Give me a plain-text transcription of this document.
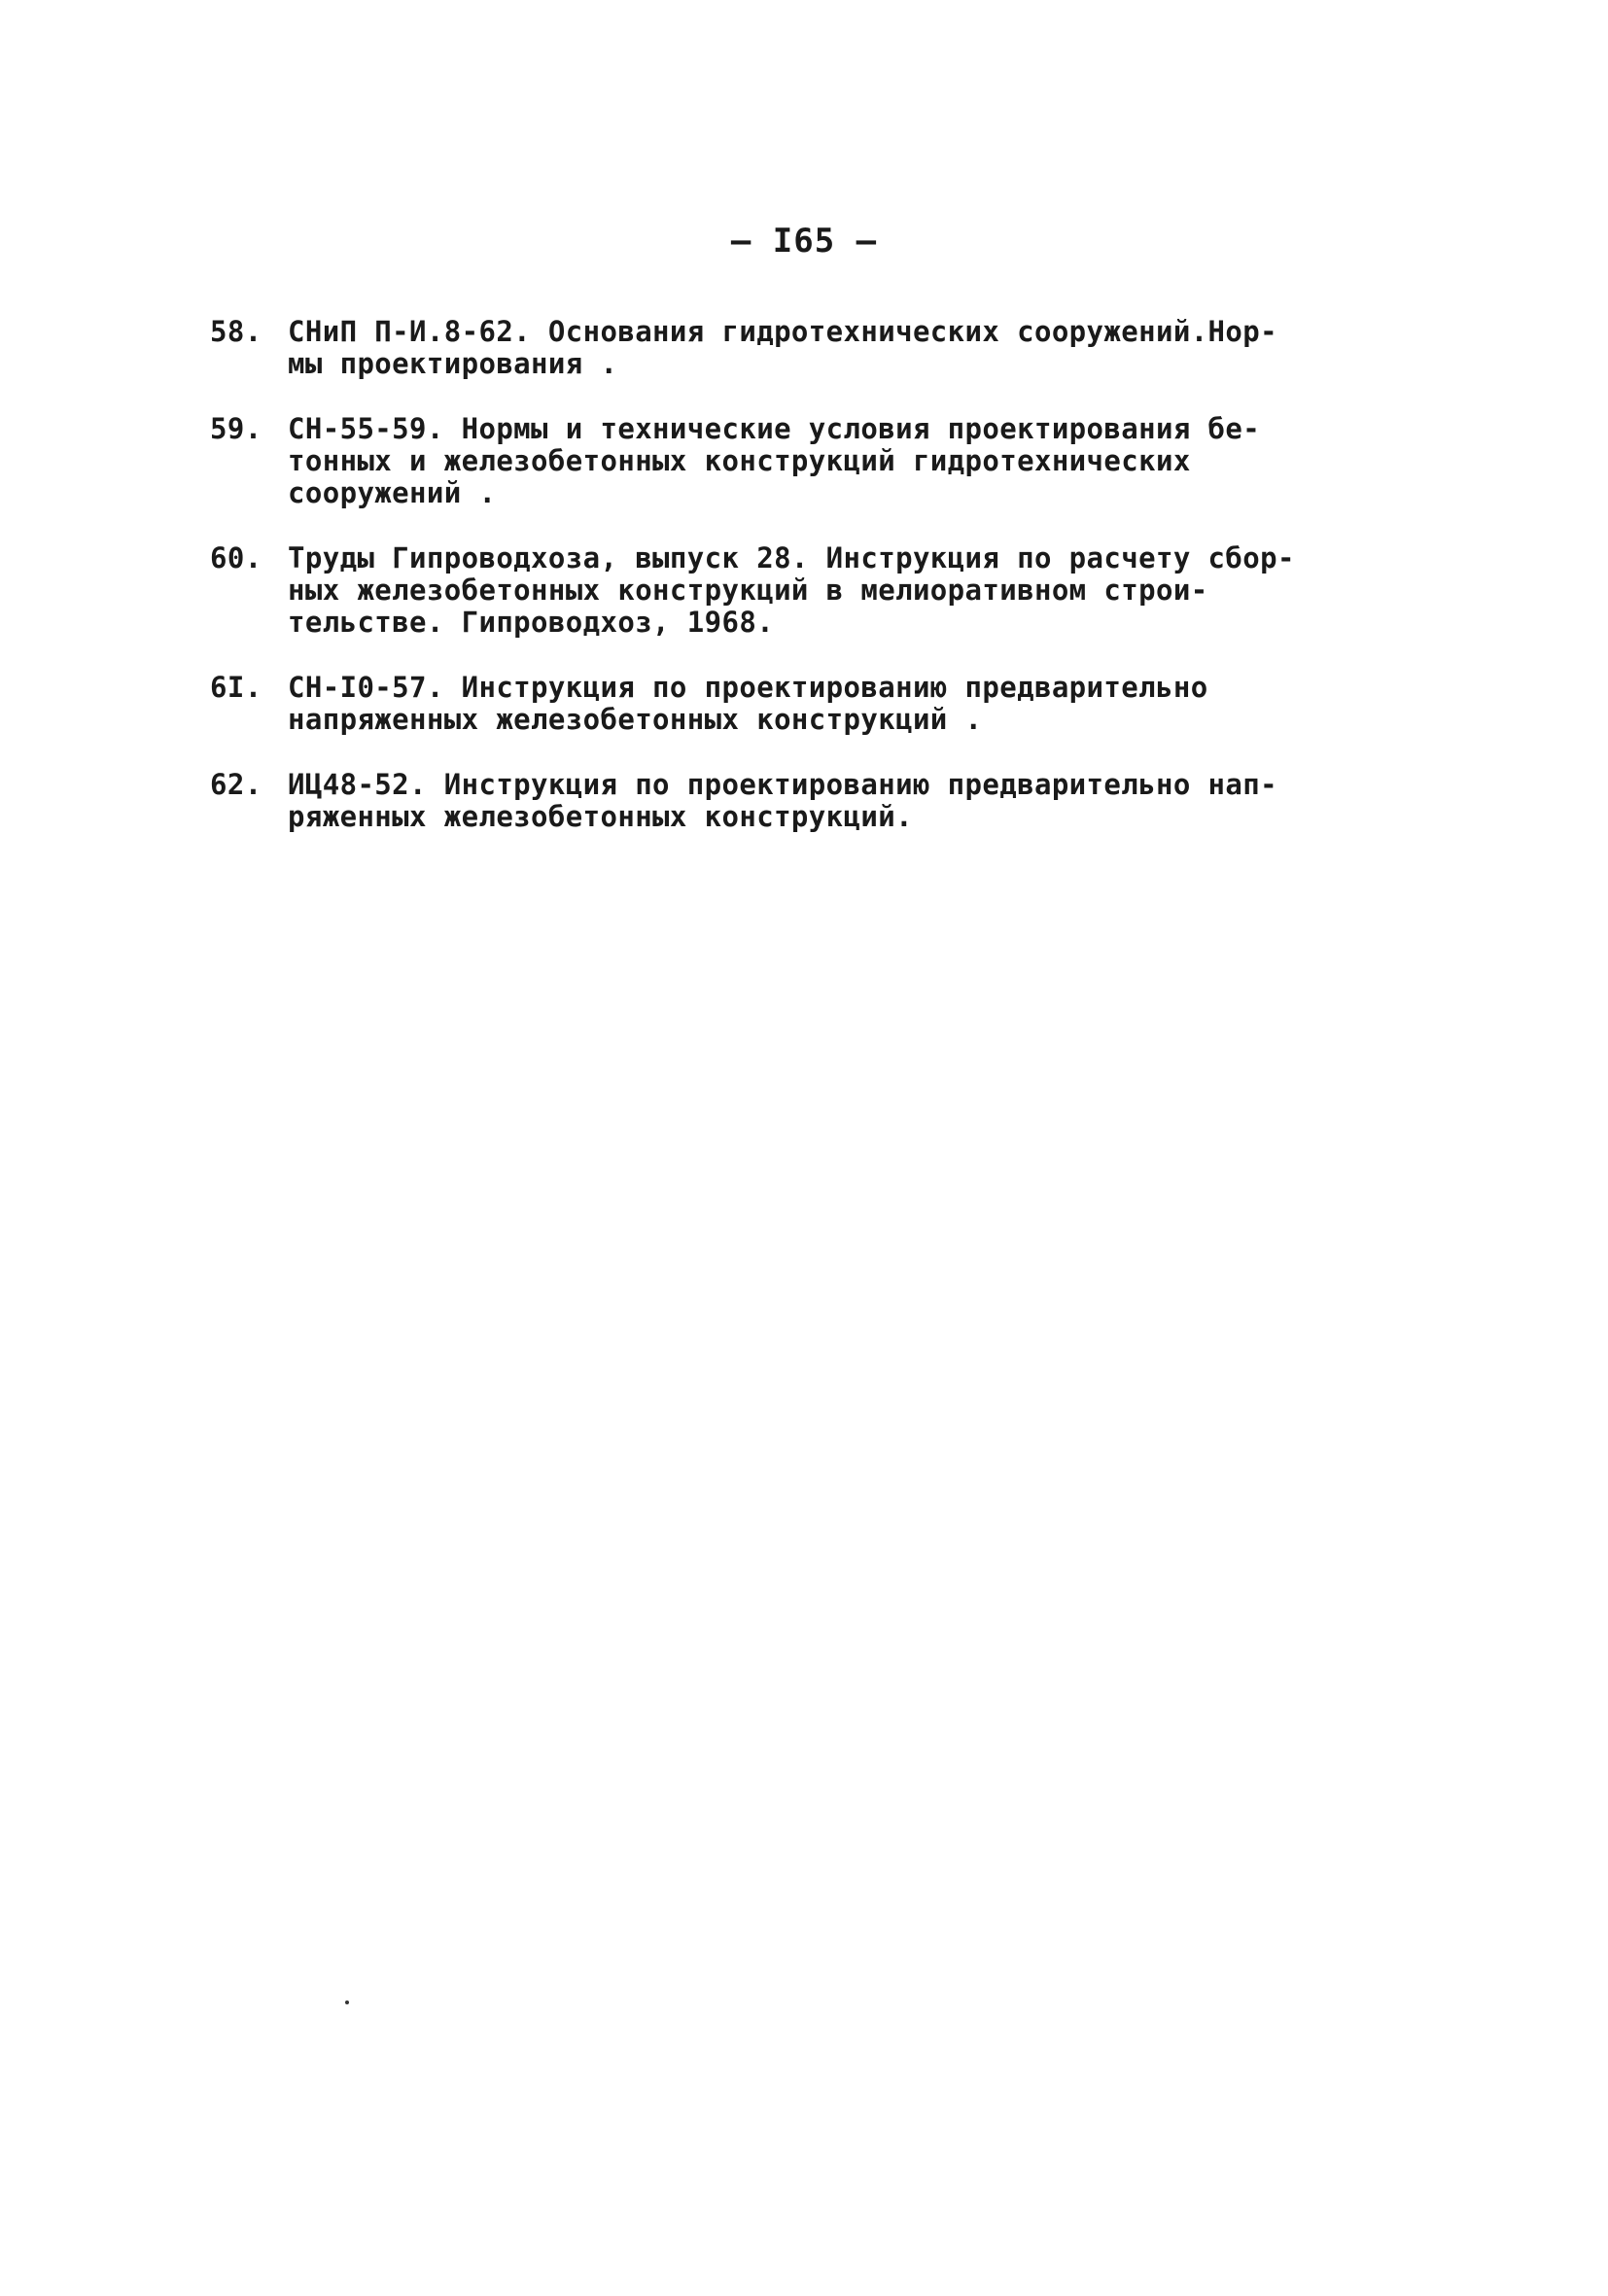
— I65 —
58. СНиП П-И.8-62. Основания гидротехнических сооружений.Нор-
мы проектирования .
59. СН-55-59. Нормы и технические условия проектирования бе-
тонных и железобетонных конструкций гидротехнических
сооружений .
60. Труды Гипроводхоза, выпуск 28. Инструкция по расчету сбор-
ных железобетонных конструкций в мелиоративном строи-
тельстве. Гипроводхоз, 1968.
6I. СН-I0-57. Инструкция по проектированию предварительно
напряженных железобетонных конструкций .
62. ИЦ48-52. Инструкция по проектированию предварительно нап-
ряженных железобетонных конструкций.
